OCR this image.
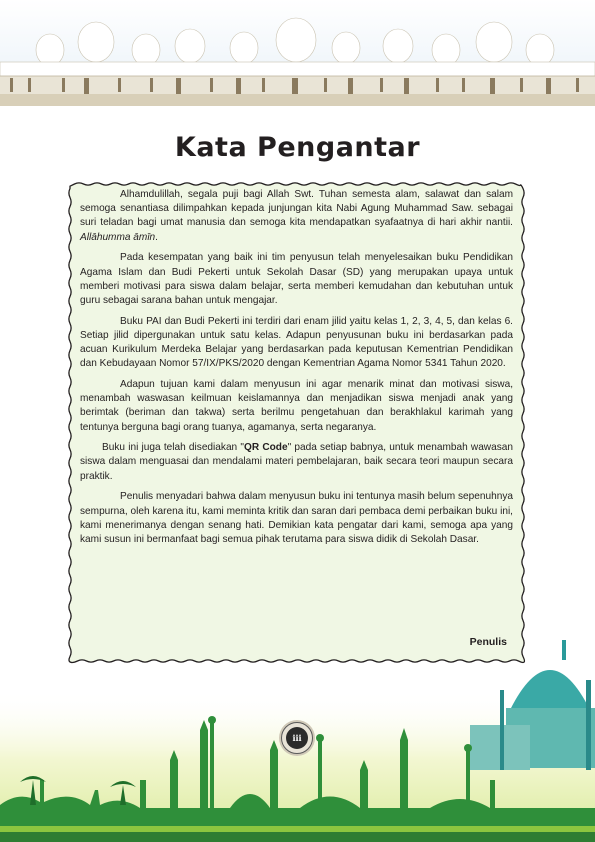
Kata Pengantar

Alhamdulillah, segala puji bagi Allah Swt. Tuhan semesta alam, salawat dan salam semoga senantiasa dilimpahkan kepada junjungan kita Nabi Agung Muhammad Saw. sebagai suri teladan bagi umat manusia dan semoga kita mendapatkan syafaatnya di hari akhir nantii. Allāhumma āmīn.

Pada kesempatan yang baik ini tim penyusun telah menyelesaikan buku Pendidikan Agama Islam dan Budi Pekerti untuk Sekolah Dasar (SD) yang merupakan upaya untuk memberi motivasi para siswa dalam belajar, serta memberi kemudahan dan kebutuhan untuk guru sebagai sarana bahan untuk mengajar.

Buku PAI dan Budi Pekerti ini terdiri dari enam jilid yaitu kelas 1, 2, 3, 4, 5, dan kelas 6. Setiap jilid dipergunakan untuk satu kelas. Adapun penyusunan buku ini berdasarkan pada acuan Kurikulum Merdeka Belajar yang berdasarkan pada keputusan Kementrian Pendidikan dan Kebudayaan Nomor 57/IX/PKS/2020 dengan Kementrian Agama Nomor 5341 Tahun 2020.

Adapun tujuan kami dalam menyusun ini agar menarik minat dan motivasi siswa, menambah waswasan keilmuan keislamannya dan menjadikan siswa menjadi anak yang berimtak (beriman dan takwa) serta berilmu pengetahuan dan berakhlakul karimah yang tentunya berguna bagi orang tuanya, agamanya, serta negaranya.

Buku ini juga telah disediakan "QR Code" pada setiap babnya, untuk menambah wawasan siswa dalam menguasai dan mendalami materi pembelajaran, baik secara teori maupun secara praktik.

Penulis menyadari bahwa dalam menyusun buku ini tentunya masih belum sepenuhnya sempurna, oleh karena itu, kami meminta kritik dan saran dari pembaca demi perbaikan buku ini, kami menerimanya dengan senang hati. Demikian kata pengatar dari kami, semoga apa yang kami susun ini bermanfaat bagi semua pihak terutama para siswa didik di Sekolah Dasar.

Penulis
iii
